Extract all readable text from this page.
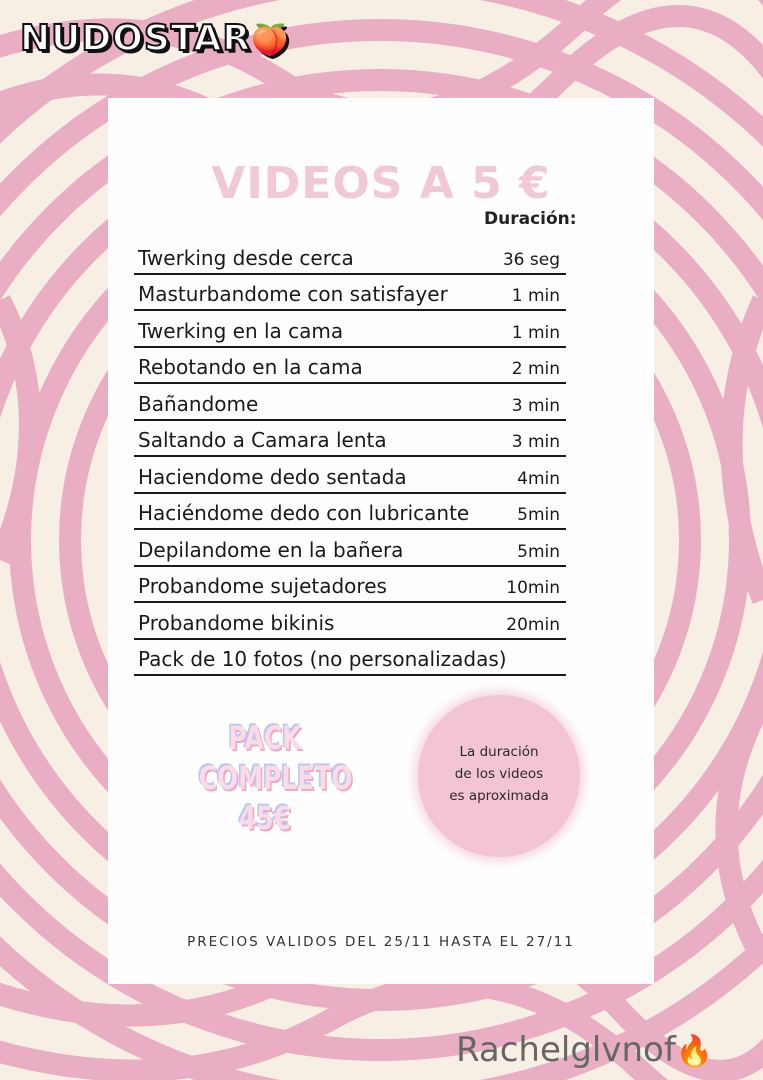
NUDOSTAR🍑
VIDEOS A 5 €
Duración:
Twerking desde cerca	36 seg
Masturbandome con satisfayer	1 min
Twerking en la cama	1 min
Rebotando en la cama	2 min
Bañandome	3 min
Saltando a Camara lenta	3 min
Haciendome dedo sentada	4min
Haciéndome dedo con lubricante	5min
Depilandome en la bañera	5min
Probandome sujetadores	10min
Probandome bikinis	20min
Pack de 10 fotos (no personalizadas)
PACK
COMPLETO
45€
La duración
de los videos
es aproximada
PRECIOS VALIDOS DEL 25/11 HASTA EL 27/11
Rachelglvnof🔥
